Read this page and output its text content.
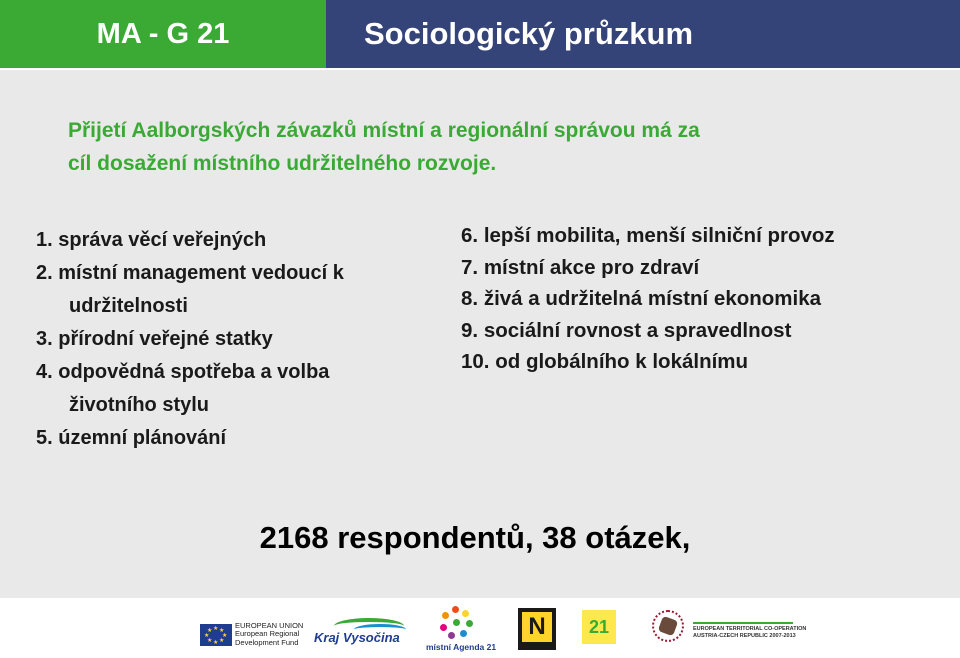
MA - G 21	Sociologický průzkum
Přijetí Aalborgských závazků místní a regionální správou má za
cíl dosažení místního udržitelného rozvoje.
1. správa věcí veřejných
2. místní management vedoucí k
udržitelnosti
3. přírodní veřejné statky
4. odpovědná spotřeba a volba
životního stylu
5. územní plánování
6. lepší mobilita, menší silniční provoz
7. místní akce pro zdraví
8. živá a udržitelná místní ekonomika
9. sociální rovnost a spravedlnost
10. od globálního k lokálnímu
2168 respondentů, 38 otázek,
★ ★
★
★
★
★
★
★
EUROPEAN UNION
European Regional
Development Fund	Kraj Vysočina
místní Agenda 21
N	21	EUROPEAN TERRITORIAL CO-OPERATION
AUSTRIA-CZECH REPUBLIC 2007-2013
